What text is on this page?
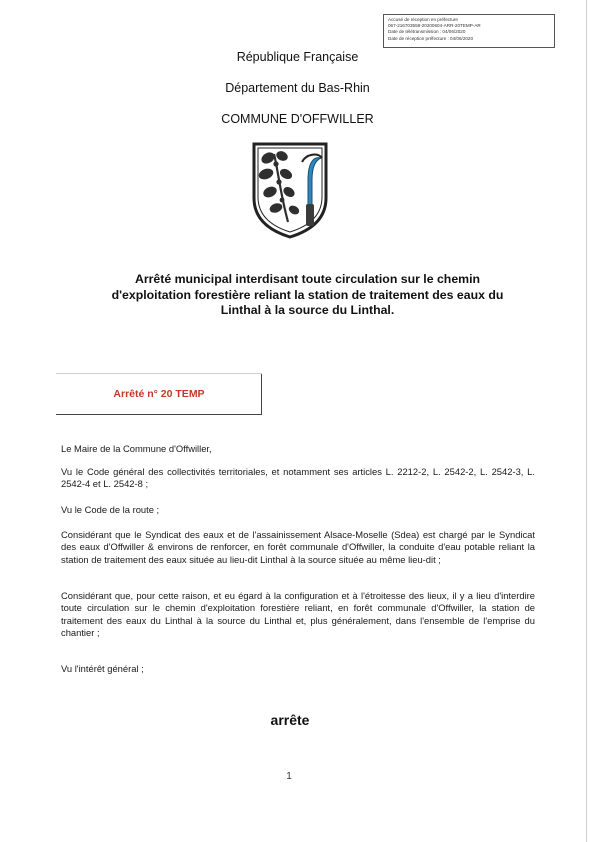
Accusé de réception en préfecture
067-216703558-20200604-ARR-20TEMP-AR
Date de télétransmission : 04/06/2020
Date de réception préfecture : 04/06/2020
République Française
Département du Bas-Rhin
COMMUNE D'OFFWILLER
Arrêté municipal interdisant toute circulation sur le chemin
d'exploitation forestière reliant la station de traitement des eaux du
Linthal à la source du Linthal.
Arrêté n° 20 TEMP
Le Maire de la Commune d'Offwiller,
Vu le Code général des collectivités territoriales, et notamment ses articles L. 2212-2, L. 2542-2, L. 2542-3, L. 2542-4 et L. 2542-8 ;
Vu le Code de la route ;
Considérant que le Syndicat des eaux et de l'assainissement Alsace-Moselle (Sdea) est chargé par le Syndicat des eaux d'Offwiller & environs de renforcer, en forêt communale d'Offwiller, la conduite d'eau potable reliant la station de traitement des eaux située au lieu-dit Linthal à la source située au même lieu-dit ;
Considérant que, pour cette raison, et eu égard à la configuration et à l'étroitesse des lieux, il y a lieu d'interdire toute circulation sur le chemin d'exploitation forestière reliant, en forêt communale d'Offwiller, la station de traitement des eaux du Linthal à la source du Linthal et, plus généralement, dans l'ensemble de l'emprise du chantier ;
Vu l'intérêt général ;
arrête
1
